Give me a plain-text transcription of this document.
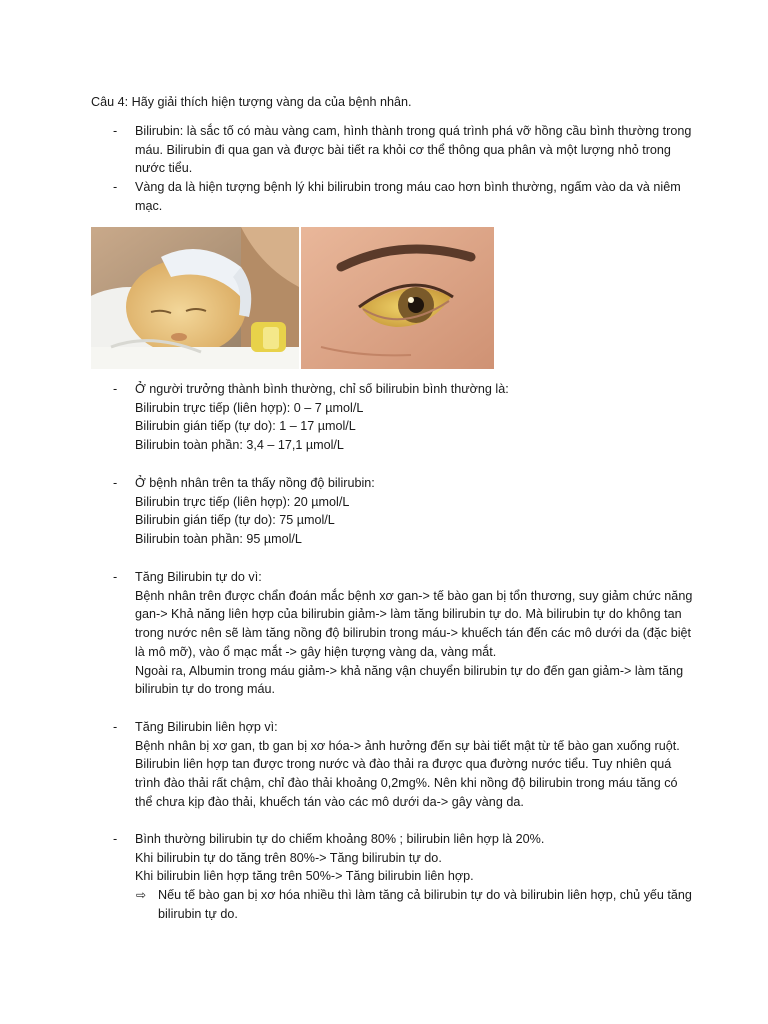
Câu 4: Hãy giải thích hiện tượng vàng da của bệnh nhân.
-	Bilirubin: là sắc tố có màu vàng cam, hình thành trong quá trình phá vỡ hồng cầu bình thường trong máu. Bilirubin đi qua gan và được bài tiết ra khỏi cơ thể thông qua phân và một lượng nhỏ trong nước tiểu.
-	Vàng da là hiện tượng bệnh lý khi bilirubin trong máu cao hơn bình thường, ngấm vào da và niêm mạc.
-	Ở người trưởng thành bình thường, chỉ số bilirubin bình thường là:
Bilirubin trực tiếp (liên hợp): 0 – 7 µmol/L
Bilirubin gián tiếp (tự do): 1 – 17 µmol/L
Bilirubin toàn phần: 3,4 – 17,1 µmol/L
-	Ở bệnh nhân trên ta thấy nồng độ bilirubin:
Bilirubin trực tiếp (liên hợp): 20 µmol/L
Bilirubin gián tiếp (tự do): 75 µmol/L
Bilirubin toàn phần: 95 µmol/L
-	Tăng Bilirubin tự do vì:
Bệnh nhân trên được chẩn đoán mắc bệnh xơ gan-> tế bào gan bị tổn thương, suy giảm chức năng gan-> Khả năng liên hợp của bilirubin giảm-> làm tăng bilirubin tự do. Mà bilirubin tự do không tan trong nước nên sẽ làm tăng nồng độ bilirubin trong máu-> khuếch tán đến các mô dưới da (đặc biệt là mô mỡ), vào ổ mạc mắt -> gây hiện tượng vàng da, vàng mắt.
Ngoài ra, Albumin trong máu giảm-> khả năng vận chuyển bilirubin tự do đến gan giảm-> làm tăng bilirubin tự do trong máu.
-	Tăng Bilirubin liên hợp vì:
Bệnh nhân bị xơ gan, tb gan bị xơ hóa-> ảnh hưởng đến sự bài tiết mật từ tế bào gan xuống ruột. Bilirubin liên hợp tan được trong nước và đào thải ra được qua đường nước tiểu. Tuy nhiên quá trình đào thải rất chậm, chỉ đào thải khoảng 0,2mg%. Nên khi nồng độ bilirubin trong máu tăng có thể chưa kịp đào thải, khuếch tán vào các mô dưới da-> gây vàng da.
-	Bình thường bilirubin tự do chiếm khoảng 80% ; bilirubin liên hợp là 20%.
Khi bilirubin tự do tăng trên 80%-> Tăng bilirubin tự do.
Khi bilirubin liên hợp tăng trên 50%-> Tăng bilirubin liên hợp.
⇨ Nếu tế bào gan bị xơ hóa nhiều thì làm tăng cả bilirubin tự do và bilirubin liên hợp, chủ yếu tăng bilirubin tự do.
